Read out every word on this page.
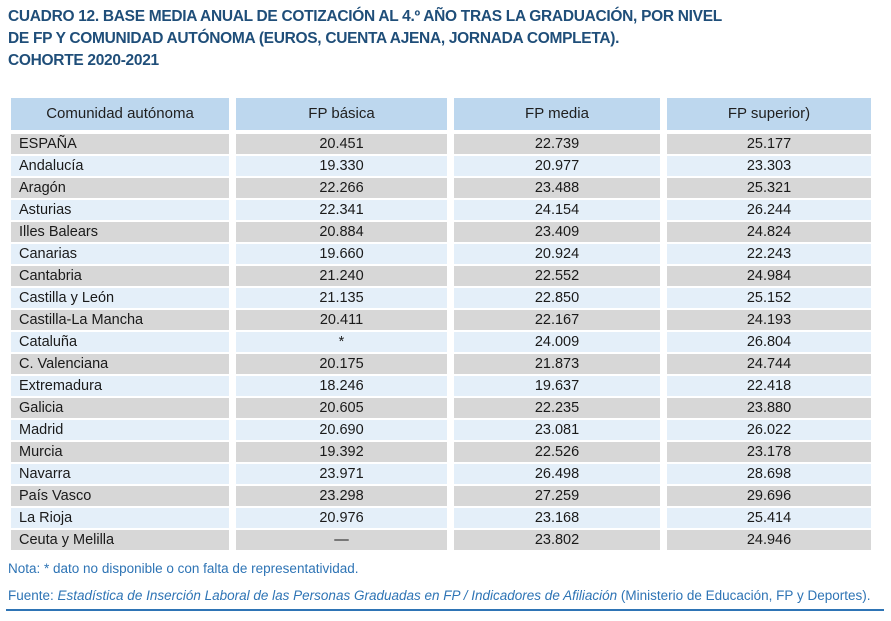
CUADRO 12. BASE MEDIA ANUAL DE COTIZACIÓN AL 4.º AÑO TRAS LA GRADUACIÓN, POR NIVEL
DE FP Y COMUNIDAD AUTÓNOMA (EUROS, CUENTA AJENA, JORNADA COMPLETA).
COHORTE 2020-2021
Comunidad autónoma	FP básica	FP media	FP superior)
ESPAÑA	20.451	22.739	25.177
Andalucía	19.330	20.977	23.303
Aragón	22.266	23.488	25.321
Asturias	22.341	24.154	26.244
Illes Balears	20.884	23.409	24.824
Canarias	19.660	20.924	22.243
Cantabria	21.240	22.552	24.984
Castilla y León	21.135	22.850	25.152
Castilla-La Mancha	20.411	22.167	24.193
Cataluña	*	24.009	26.804
C. Valenciana	20.175	21.873	24.744
Extremadura	18.246	19.637	22.418
Galicia	20.605	22.235	23.880
Madrid	20.690	23.081	26.022
Murcia	19.392	22.526	23.178
Navarra	23.971	26.498	28.698
País Vasco	23.298	27.259	29.696
La Rioja	20.976	23.168	25.414
Ceuta y Melilla	—	23.802	24.946
Nota: * dato no disponible o con falta de representatividad.
Fuente: Estadística de Inserción Laboral de las Personas Graduadas en FP / Indicadores de Afiliación (Ministerio de Educación, FP y Deportes).
